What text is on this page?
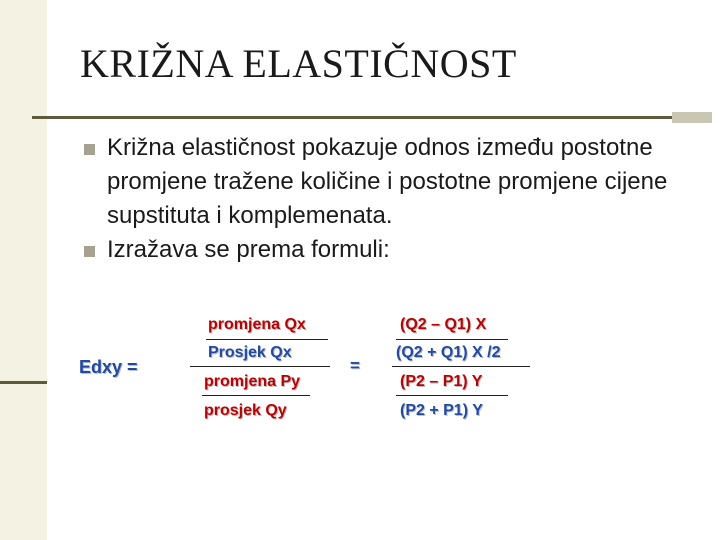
KRIŽNA ELASTIČNOST
Križna elastičnost pokazuje odnos između postotne promjene tražene količine i postotne promjene cijene supstituta i komplemenata.
Izražava se prema formuli:
Edxy =
promjena Qx
Prosjek Qx
promjena Py
prosjek Qy
=
(Q2 – Q1) X
(Q2 + Q1) X /2
(P2 – P1) Y
(P2 + P1) Y
